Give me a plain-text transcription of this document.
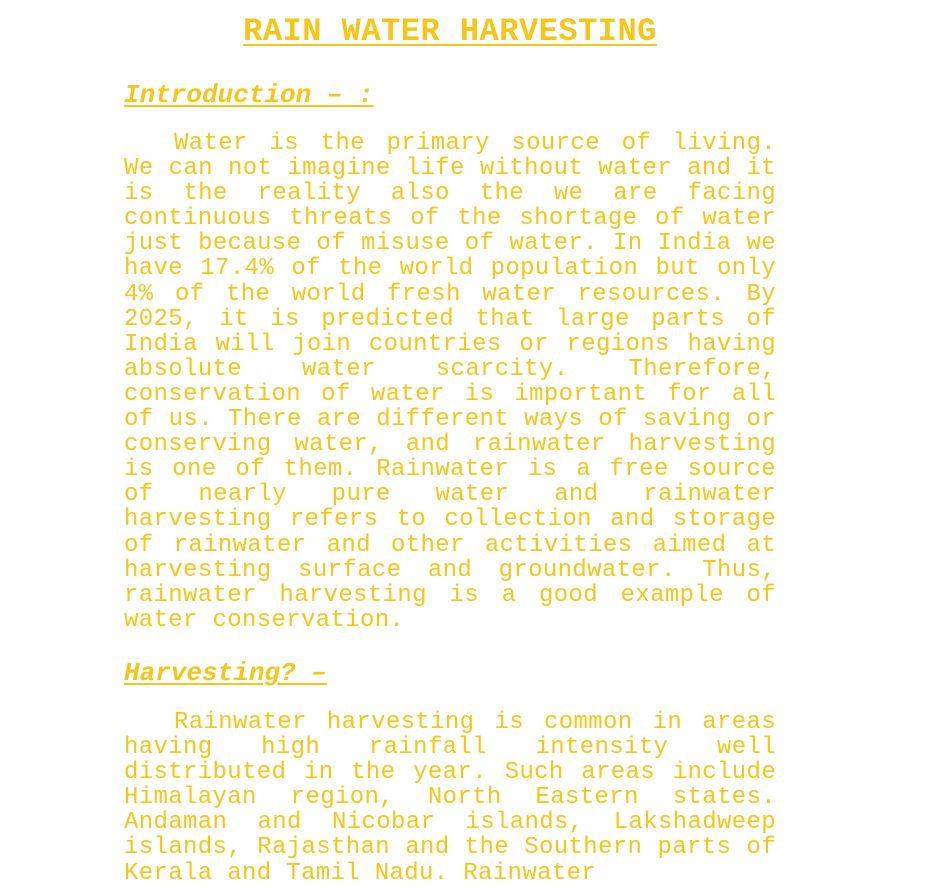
RAIN WATER HARVESTING
Introduction – :

Water is the primary source of living. We can not imagine life without water and it is the reality also the we are facing continuous threats of the shortage of water just because of misuse of water. In India we have 17.4% of the world population but only 4% of the world fresh water resources. By 2025, it is predicted that large parts of India will join countries or regions having absolute water scarcity. Therefore, conservation of water is important for all of us. There are different ways of saving or conserving water, and rainwater harvesting is one of them. Rainwater is a free source of nearly pure water and rainwater harvesting refers to collection and storage of rainwater and other activities aimed at harvesting surface and groundwater. Thus, rainwater harvesting is a good example of water conservation.

Harvesting? –

Rainwater harvesting is common in areas having high rainfall intensity well distributed in the year. Such areas include Himalayan region, North Eastern states. Andaman and Nicobar islands, Lakshadweep islands, Rajasthan and the Southern parts of Kerala and Tamil Nadu. Rainwater
